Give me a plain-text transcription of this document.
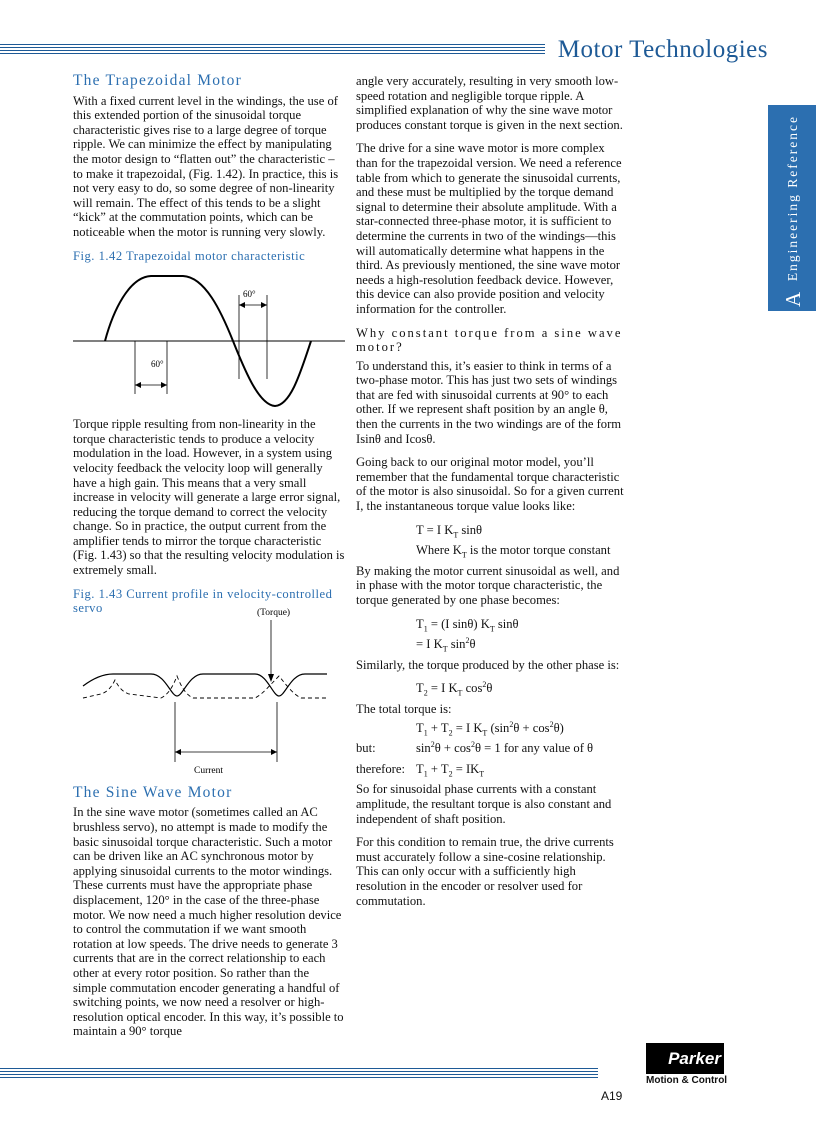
Motor Technologies
A  Engineering Reference
The Trapezoidal Motor

With a fixed current level in the windings, the use of this extended portion of the sinusoidal torque characteristic gives rise to a large degree of torque ripple. We can minimize the effect by manipulating the motor design to “flatten out” the characteristic – to make it trapezoidal, (Fig. 1.42). In practice, this is not very easy to do, so some degree of non-linearity will remain. The effect of this tends to be a slight “kick” at the commutation points, which can be noticeable when the motor is running very slowly.

Fig. 1.42 Trapezoidal motor characteristic
60°
60°

Torque ripple resulting from non-linearity in the torque characteristic tends to produce a velocity modulation in the load. However, in a system using velocity feedback the velocity loop will generally have a high gain. This means that a very small increase in velocity will generate a large error signal, reducing the torque demand to correct the velocity change. So in practice, the output current from the amplifier tends to mirror the torque characteristic (Fig. 1.43) so that the resulting velocity modulation is extremely small.

Fig. 1.43 Current profile in velocity-controlled servo	(Torque)
Current
The Sine Wave Motor

In the sine wave motor (sometimes called an AC brushless servo), no attempt is made to modify the basic sinusoidal torque characteristic. Such a motor can be driven like an AC synchronous motor by applying sinusoidal currents to the motor windings. These currents must have the appropriate phase displacement, 120° in the case of the three-phase motor. We now need a much higher resolution device to control the commutation if we want smooth rotation at low speeds. The drive needs to generate 3 currents that are in the correct relationship to each other at every rotor position. So rather than the simple commutation encoder generating a handful of switching points, we now need a resolver or high-resolution optical encoder. In this way, it’s possible to maintain a 90° torque

angle very accurately, resulting in very smooth low-speed rotation and negligible torque ripple. A simplified explanation of why the sine wave motor produces constant torque is given in the next section.

The drive for a sine wave motor is more complex than for the trapezoidal version. We need a reference table from which to generate the sinusoidal currents, and these must be multiplied by the torque demand signal to determine their absolute amplitude. With a star-connected three-phase motor, it is sufficient to determine the currents in two of the windings—this will automatically determine what happens in the third. As previously mentioned, the sine wave motor needs a high-resolution feedback device. However, this device can also provide position and velocity information for the controller.

Why constant torque from a sine wave motor?

To understand this, it’s easier to think in terms of a two-phase motor. This has just two sets of windings that are fed with sinusoidal currents at 90° to each other. If we represent shaft position by an angle θ, then the currents in the two windings are of the form Isinθ and Icosθ.

Going back to our original motor model, you’ll remember that the fundamental torque characteristic of the motor is also sinusoidal. So for a given current I, the instantaneous torque value looks like:

T = I $K_T$ sinθ
Where $K_T$ is the motor torque constant

By making the motor current sinusoidal as well, and in phase with the motor torque characteristic, the torque generated by one phase becomes:

$T_1 = (I$ sinθ) $K_T$ sinθ
= I $K_T$ $\sin^2\theta$

Similarly, the torque produced by the other phase is:

$T_2 = I$ $K_T$ $\cos^2\theta$
The total torque is:
$T_1 + T_2 = I$ $K_T$ $(\sin^2\theta + \cos^2\theta)$
but:	$\sin^2\theta + \cos^2\theta = 1$ for any value of θ
therefore: $T_1 + T_2 = IK_T$

So for sinusoidal phase currents with a constant amplitude, the resultant torque is also constant and independent of shaft position.

For this condition to remain true, the drive currents must accurately follow a sine-cosine relationship. This can only occur with a sufficiently high resolution in the encoder or resolver used for commutation.

Parker
Motion & Control
A19
